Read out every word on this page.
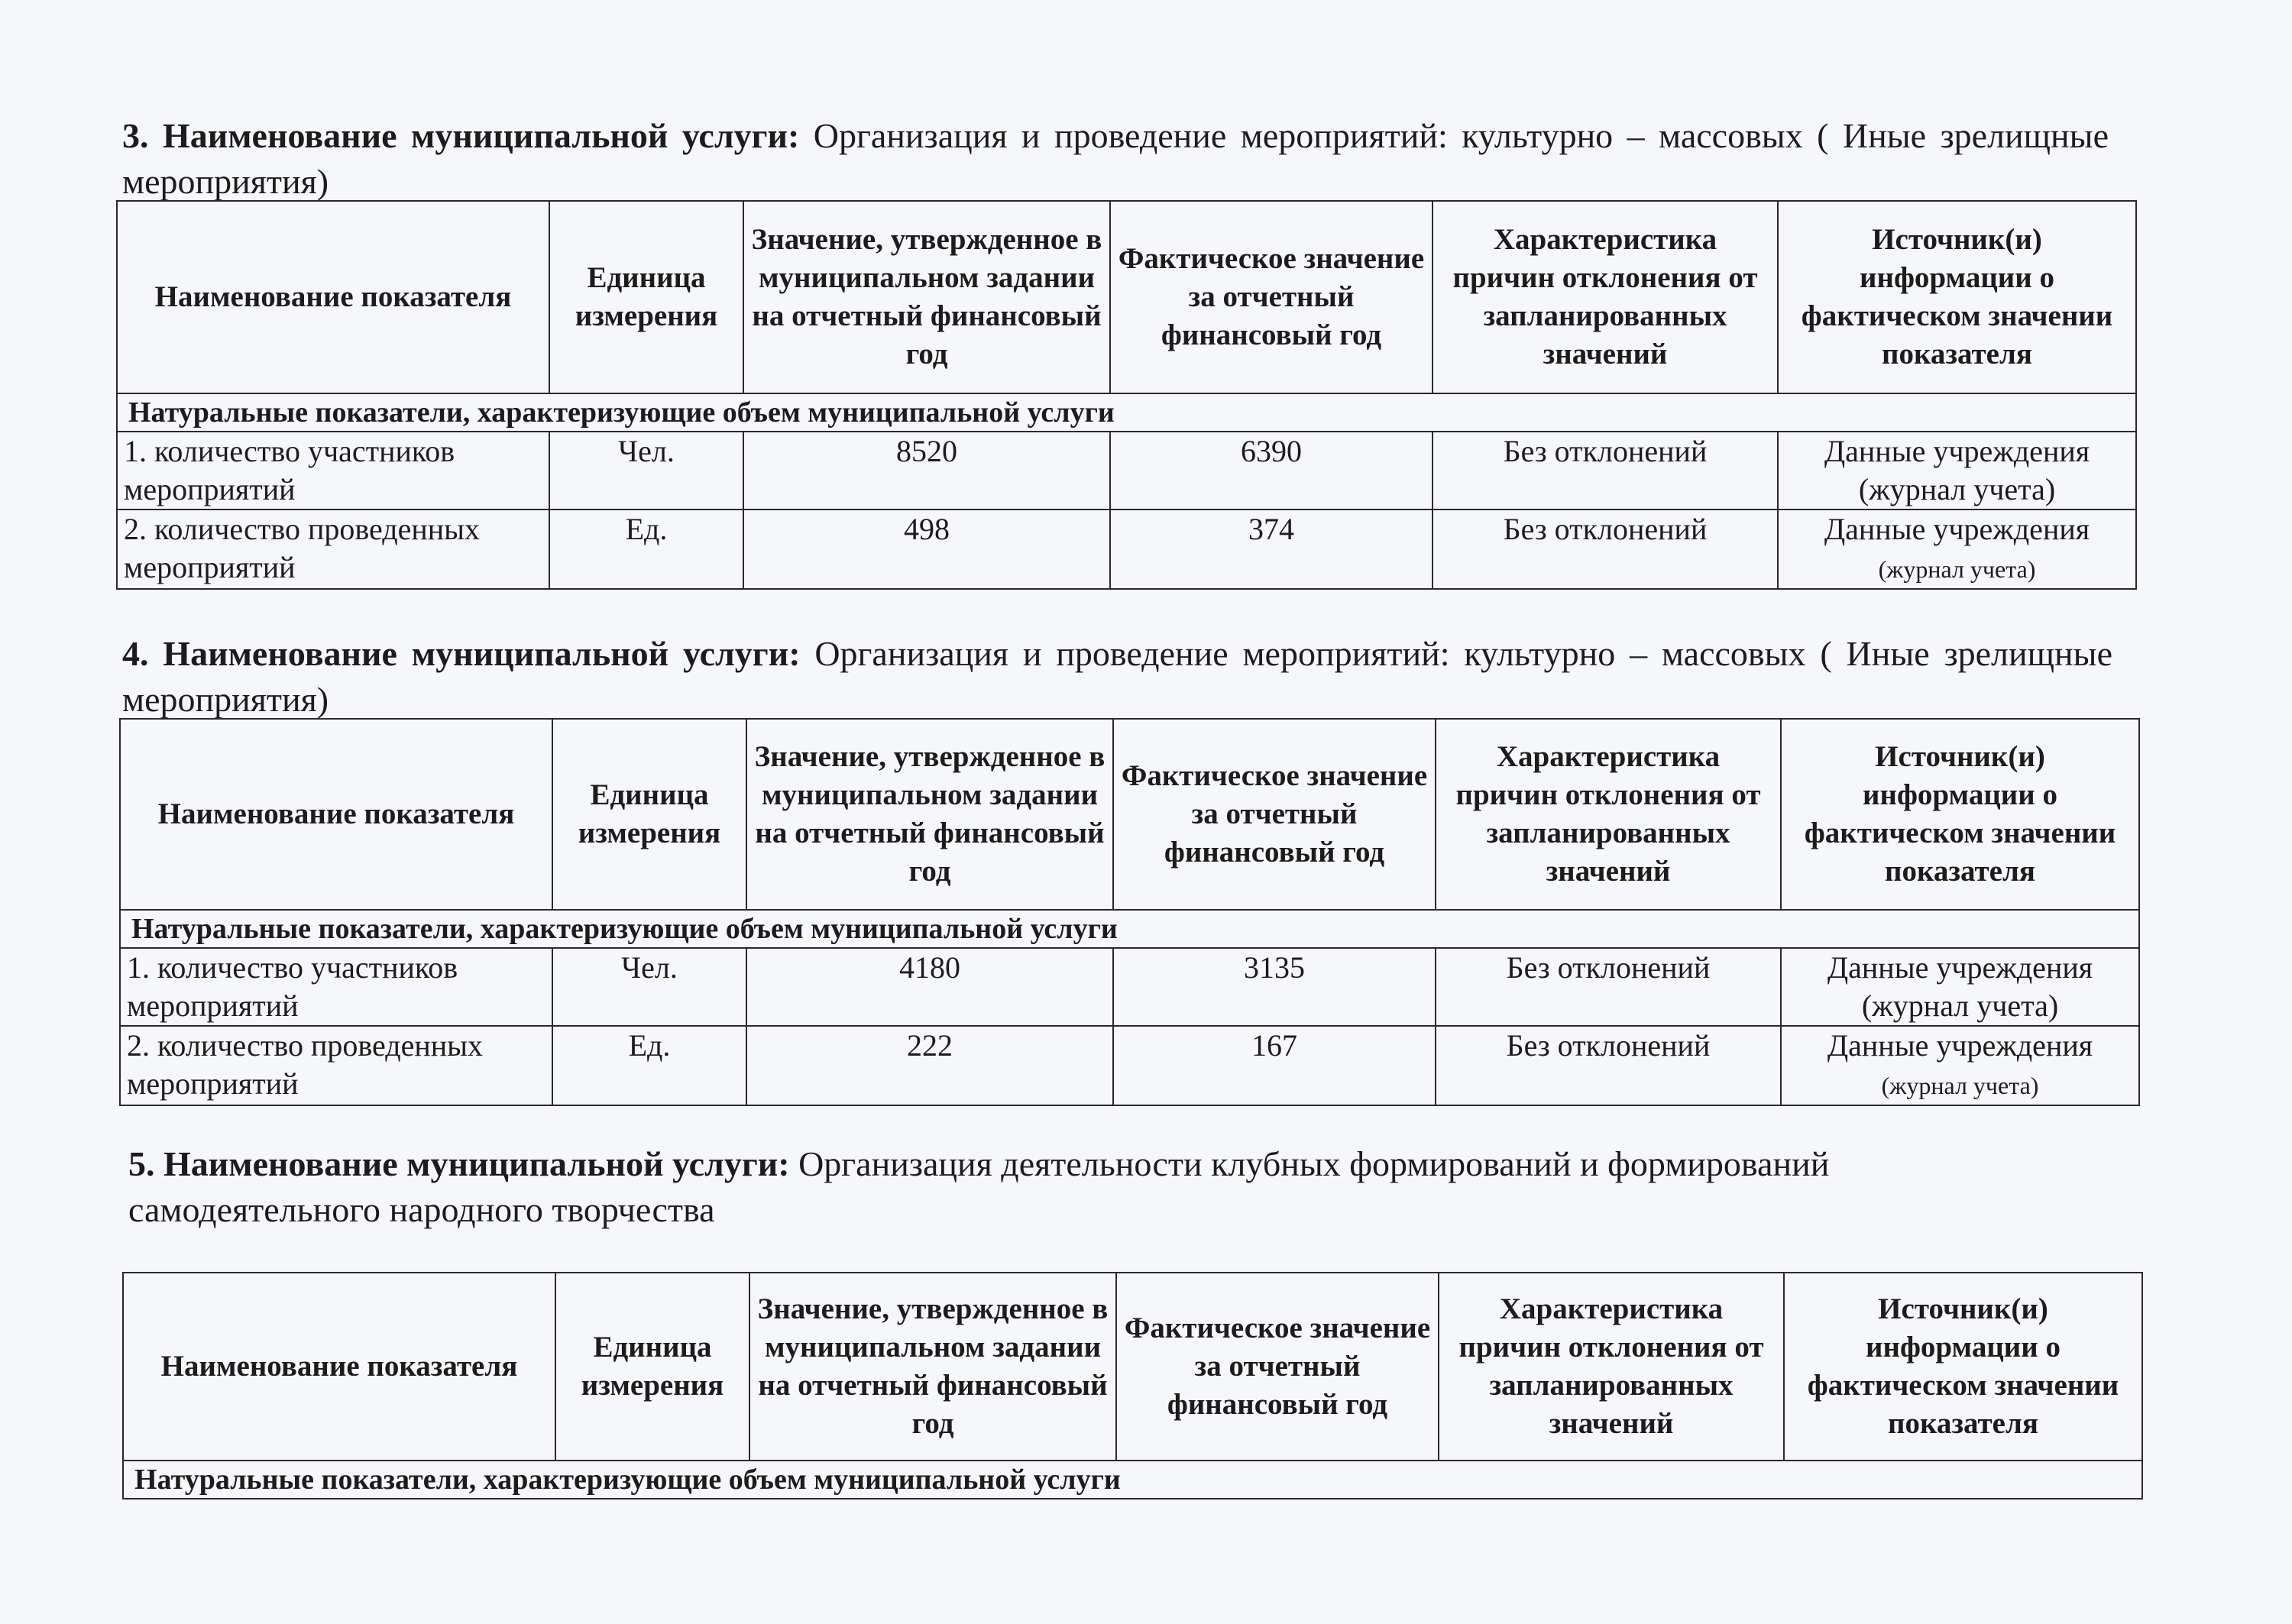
3. Наименование муниципальной услуги: Организация и проведение мероприятий: культурно – массовых ( Иные зрелищные мероприятия)
Наименование показателя	Единица измерения	Значение, утвержденное в муниципальном задании на отчетный финансовый год	Фактическое значение за отчетный финансовый год	Характеристика причин отклонения от запланированных значений	Источник(и) информации о фактическом значении показателя
Натуральные показатели, характеризующие объем муниципальной услуги					
1. количество участников мероприятий	Чел.	8520	6390	Без отклонений	Данные учреждения
(журнал учета)
2. количество проведенных мероприятий	Ед.	498	374	Без отклонений	Данные учреждения
(журнал учета)
4. Наименование муниципальной услуги: Организация и проведение мероприятий: культурно – массовых ( Иные зрелищные мероприятия)
Наименование показателя	Единица измерения	Значение, утвержденное в муниципальном задании на отчетный финансовый год	Фактическое значение за отчетный финансовый год	Характеристика причин отклонения от запланированных значений	Источник(и) информации о фактическом значении показателя
Натуральные показатели, характеризующие объем муниципальной услуги					
1. количество участников мероприятий	Чел.	4180	3135	Без отклонений	Данные учреждения
(журнал учета)
2. количество проведенных мероприятий	Ед.	222	167	Без отклонений	Данные учреждения
(журнал учета)
5. Наименование муниципальной услуги: Организация деятельности клубных формирований и формирований самодеятельного народного творчества
Наименование показателя	Единица измерения	Значение, утвержденное в муниципальном задании на отчетный финансовый год	Фактическое значение за отчетный финансовый год	Характеристика причин отклонения от запланированных значений	Источник(и) информации о фактическом значении показателя
Натуральные показатели, характеризующие объем муниципальной услуги
